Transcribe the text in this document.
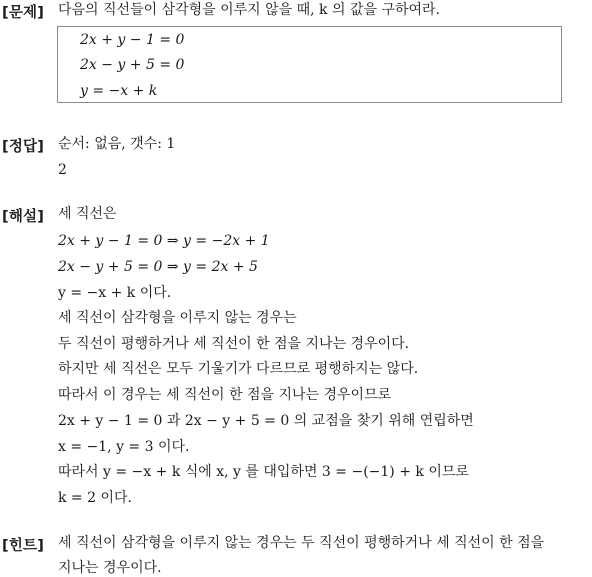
[문제] 다음의 직선들이 삼각형을 이루지 않을 때, k 의 값을 구하여라.
2x + y − 1 = 0
2x − y + 5 = 0
y = −x + k
[정답] 순서: 없음, 갯수: 1
2
[해설] 세 직선은
2x + y − 1 = 0 ⇒ y = −2x + 1
2x − y + 5 = 0 ⇒ y = 2x + 5
y = −x + k 이다.
세 직선이 삼각형을 이루지 않는 경우는
두 직선이 평행하거나 세 직선이 한 점을 지나는 경우이다.
하지만 세 직선은 모두 기울기가 다르므로 평행하지는 않다.
따라서 이 경우는 세 직선이 한 점을 지나는 경우이므로
2x + y − 1 = 0 과 2x − y + 5 = 0 의 교점을 찾기 위해 연립하면
x = −1, y = 3 이다.
따라서 y = −x + k 식에 x, y 를 대입하면 3 = −(−1) + k 이므로
k = 2 이다.
[힌트] 세 직선이 삼각형을 이루지 않는 경우는 두 직선이 평행하거나 세 직선이 한 점을
지나는 경우이다.
